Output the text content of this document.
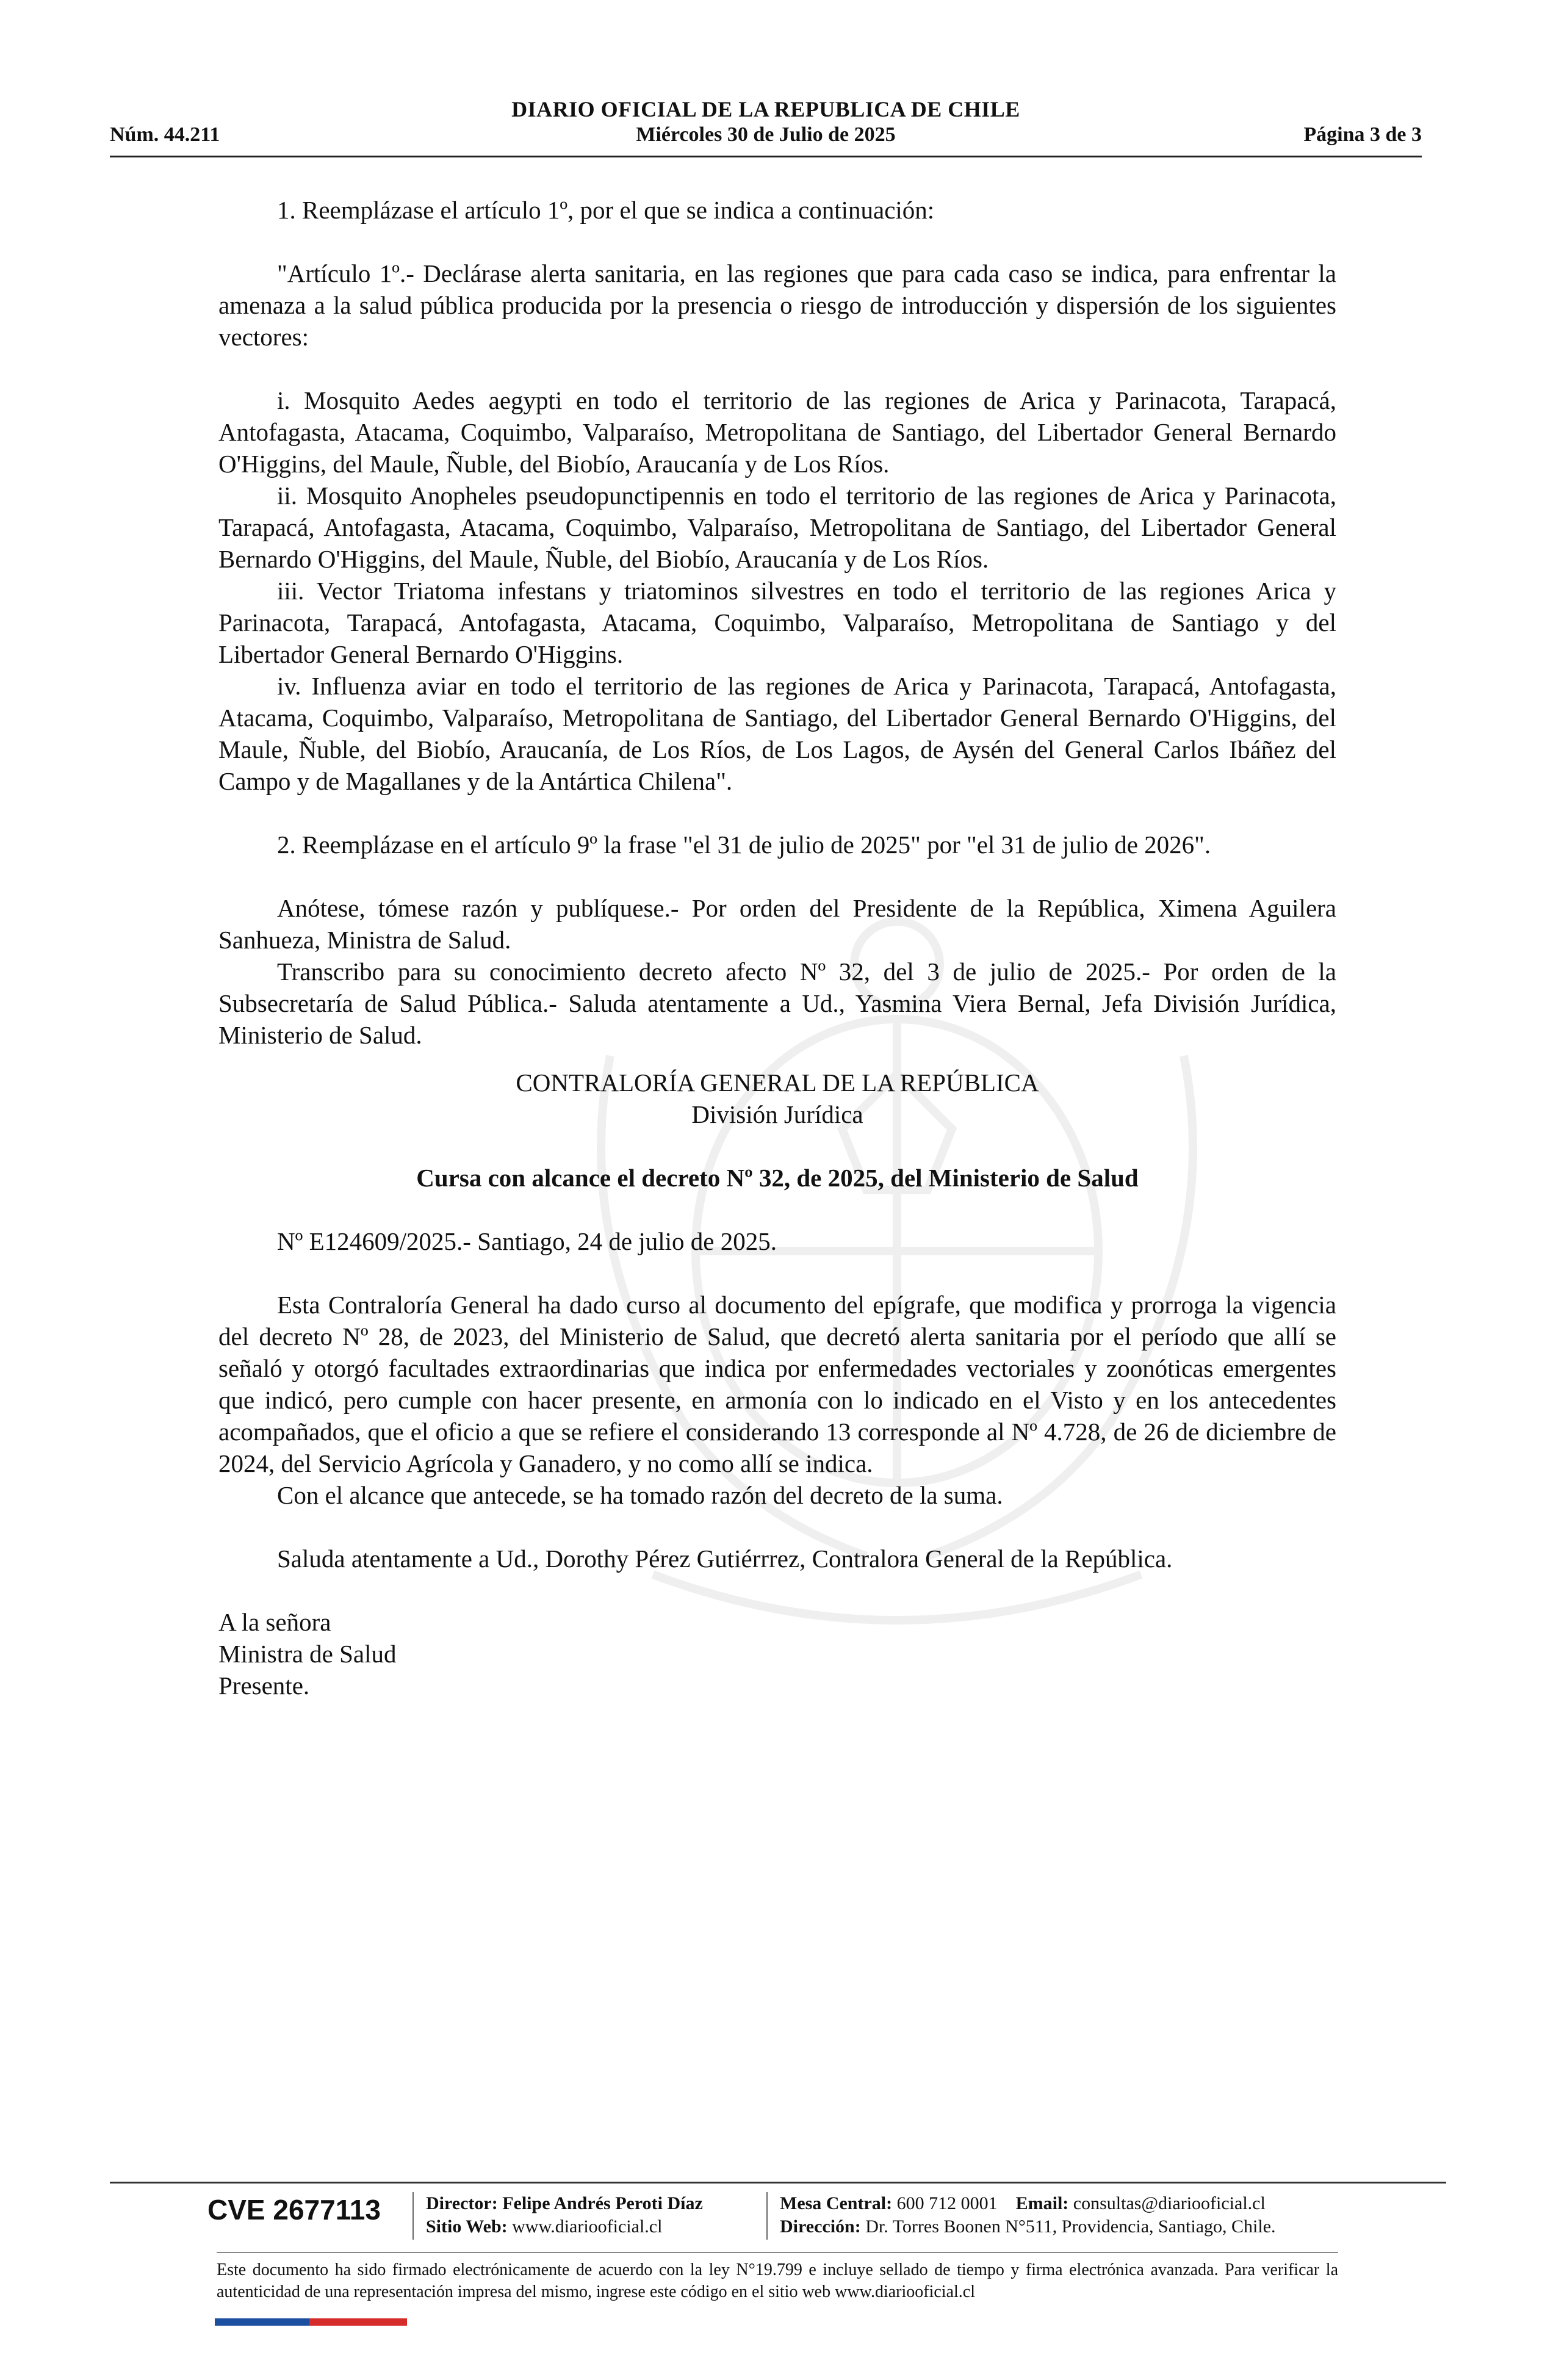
DIARIO OFICIAL DE LA REPUBLICA DE CHILE
Núm. 44.211	Miércoles 30 de Julio de 2025	Página 3 de 3

1. Reemplázase el artículo 1º, por el que se indica a continuación:

"Artículo 1º.- Declárase alerta sanitaria, en las regiones que para cada caso se indica, para enfrentar la amenaza a la salud pública producida por la presencia o riesgo de introducción y dispersión de los siguientes vectores:

i. Mosquito Aedes aegypti en todo el territorio de las regiones de Arica y Parinacota, Tarapacá, Antofagasta, Atacama, Coquimbo, Valparaíso, Metropolitana de Santiago, del Libertador General Bernardo O'Higgins, del Maule, Ñuble, del Biobío, Araucanía y de Los Ríos.

ii. Mosquito Anopheles pseudopunctipennis en todo el territorio de las regiones de Arica y Parinacota, Tarapacá, Antofagasta, Atacama, Coquimbo, Valparaíso, Metropolitana de Santiago, del Libertador General Bernardo O'Higgins, del Maule, Ñuble, del Biobío, Araucanía y de Los Ríos.

iii. Vector Triatoma infestans y triatominos silvestres en todo el territorio de las regiones Arica y Parinacota, Tarapacá, Antofagasta, Atacama, Coquimbo, Valparaíso, Metropolitana de Santiago y del Libertador General Bernardo O'Higgins.

iv. Influenza aviar en todo el territorio de las regiones de Arica y Parinacota, Tarapacá, Antofagasta, Atacama, Coquimbo, Valparaíso, Metropolitana de Santiago, del Libertador General Bernardo O'Higgins, del Maule, Ñuble, del Biobío, Araucanía, de Los Ríos, de Los Lagos, de Aysén del General Carlos Ibáñez del Campo y de Magallanes y de la Antártica Chilena".

2. Reemplázase en el artículo 9º la frase "el 31 de julio de 2025" por "el 31 de julio de 2026".

Anótese, tómese razón y publíquese.- Por orden del Presidente de la República, Ximena Aguilera Sanhueza, Ministra de Salud.

Transcribo para su conocimiento decreto afecto Nº 32, del 3 de julio de 2025.- Por orden de la Subsecretaría de Salud Pública.- Saluda atentamente a Ud., Yasmina Viera Bernal, Jefa División Jurídica, Ministerio de Salud.

CONTRALORÍA GENERAL DE LA REPÚBLICA

División Jurídica

Cursa con alcance el decreto Nº 32, de 2025, del Ministerio de Salud

Nº E124609/2025.- Santiago, 24 de julio de 2025.

Esta Contraloría General ha dado curso al documento del epígrafe, que modifica y prorroga la vigencia del decreto Nº 28, de 2023, del Ministerio de Salud, que decretó alerta sanitaria por el período que allí se señaló y otorgó facultades extraordinarias que indica por enfermedades vectoriales y zoonóticas emergentes que indicó, pero cumple con hacer presente, en armonía con lo indicado en el Visto y en los antecedentes acompañados, que el oficio a que se refiere el considerando 13 corresponde al Nº 4.728, de 26 de diciembre de 2024, del Servicio Agrícola y Ganadero, y no como allí se indica.

Con el alcance que antecede, se ha tomado razón del decreto de la suma.

Saluda atentamente a Ud., Dorothy Pérez Gutiérrrez, Contralora General de la República.

A la señora

Ministra de Salud

Presente.

CVE 2677113 Director: Felipe Andrés Peroti Díaz
Sitio Web: www.diariooficial.cl
Mesa Central: 600 712 0001 Email: consultas@diariooficial.cl
Dirección: Dr. Torres Boonen N°511, Providencia, Santiago, Chile.
Este documento ha sido firmado electrónicamente de acuerdo con la ley N°19.799 e incluye sellado de tiempo y firma electrónica avanzada. Para verificar la autenticidad de una representación impresa del mismo, ingrese este código en el sitio web www.diariooficial.cl
